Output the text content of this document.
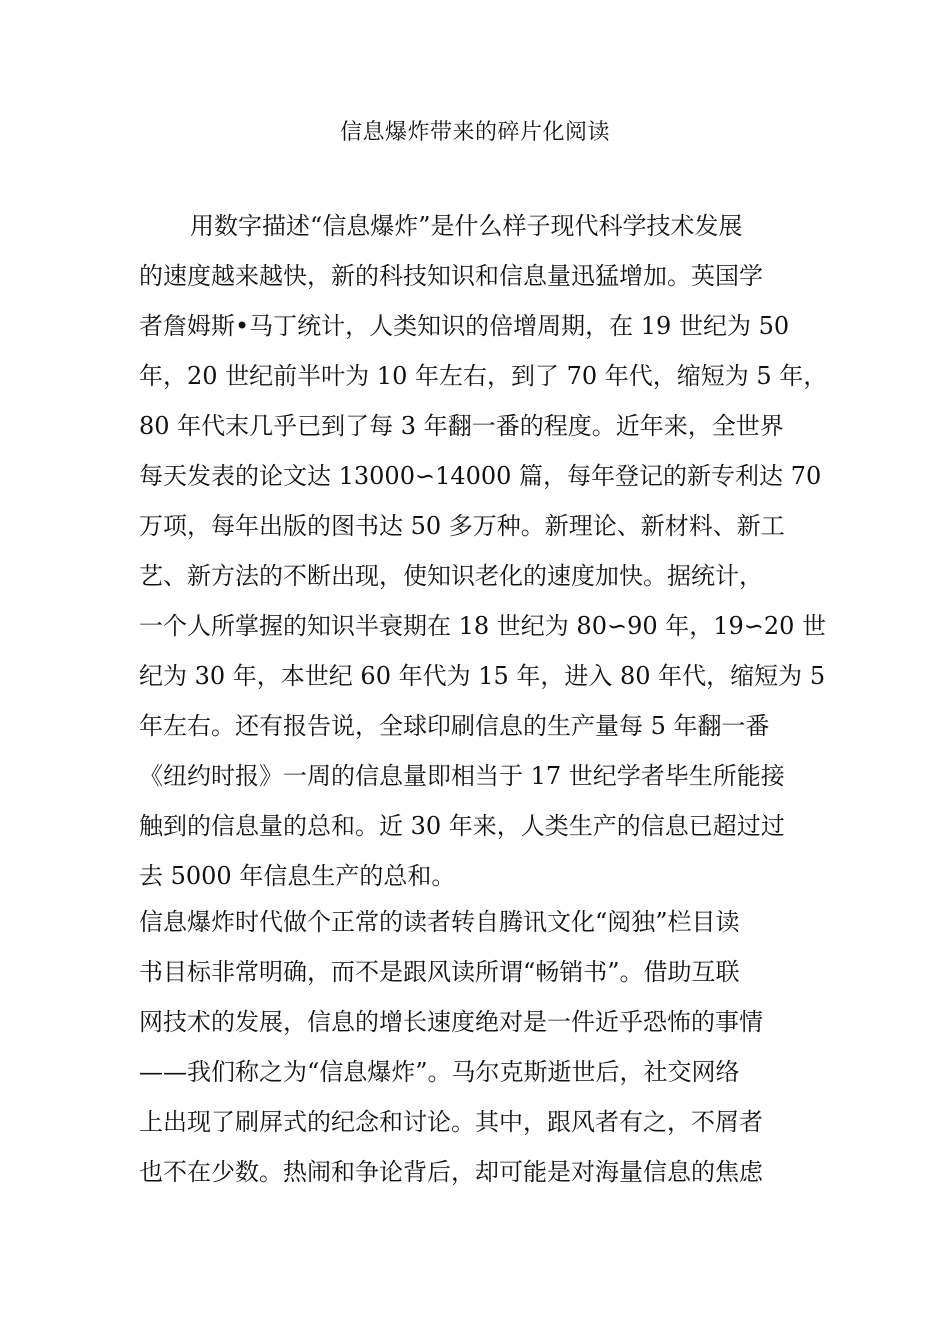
信息爆炸带来的碎片化阅读
用数字描述“信息爆炸”是什么样子现代科学技术发展
的速度越来越快，新的科技知识和信息量迅猛增加。英国学
者詹姆斯•马丁统计，人类知识的倍增周期，在 19 世纪为 50
年，20 世纪前半叶为 10 年左右，到了 70 年代，缩短为 5 年，
80 年代末几乎已到了每 3 年翻一番的程度。近年来，全世界
每天发表的论文达 13000∽14000 篇，每年登记的新专利达 70
万项，每年出版的图书达 50 多万种。新理论、新材料、新工
艺、新方法的不断出现，使知识老化的速度加快。据统计，
一个人所掌握的知识半衰期在 18 世纪为 80∽90 年，19∽20 世
纪为 30 年，本世纪 60 年代为 15 年，进入 80 年代，缩短为 5
年左右。还有报告说，全球印刷信息的生产量每 5 年翻一番
《纽约时报》一周的信息量即相当于 17 世纪学者毕生所能接
触到的信息量的总和。近 30 年来，人类生产的信息已超过过
去 5000 年信息生产的总和。
信息爆炸时代做个正常的读者转自腾讯文化“阅独”栏目读
书目标非常明确，而不是跟风读所谓“畅销书”。借助互联
网技术的发展，信息的增长速度绝对是一件近乎恐怖的事情
——我们称之为“信息爆炸”。马尔克斯逝世后，社交网络
上出现了刷屏式的纪念和讨论。其中，跟风者有之，不屑者
也不在少数。热闹和争论背后，却可能是对海量信息的焦虑
